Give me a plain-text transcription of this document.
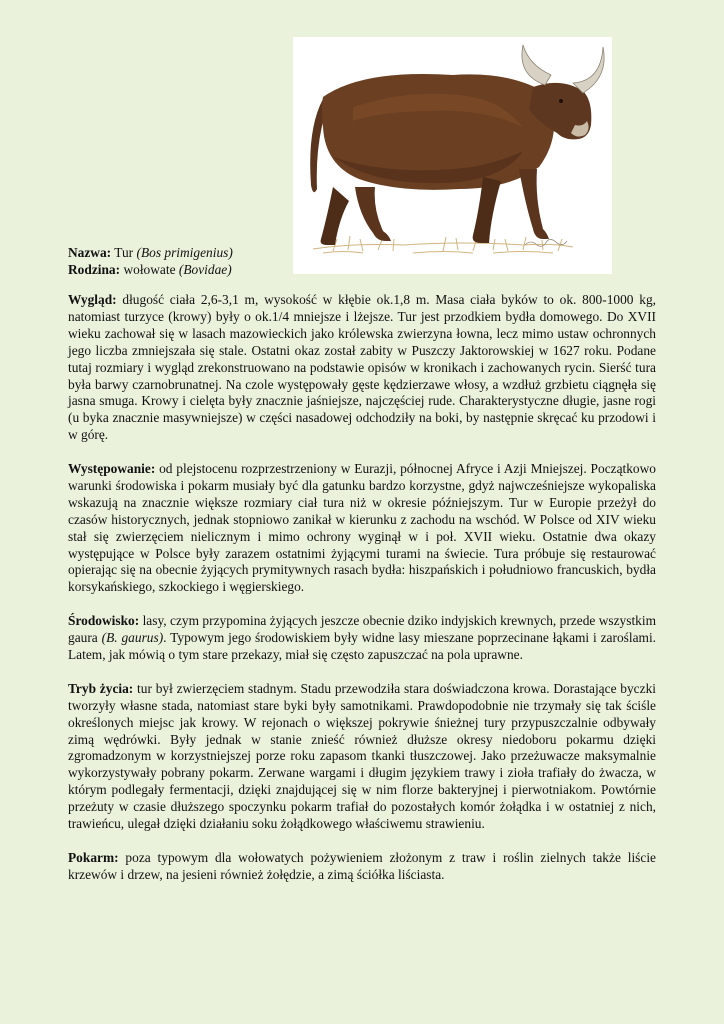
Nazwa: Tur (Bos primigenius)
Rodzina: wołowate (Bovidae)

Wygląd: długość ciała 2,6-3,1 m, wysokość w kłębie ok.1,8 m. Masa ciała byków to ok. 800-1000 kg, natomiast turzyce (krowy) były o ok.1/4 mniejsze i lżejsze. Tur jest przodkiem bydła domowego. Do XVII wieku zachował się w lasach mazowieckich jako królewska zwierzyna łowna, lecz mimo ustaw ochronnych jego liczba zmniejszała się stale. Ostatni okaz został zabity w Puszczy Jaktorowskiej w 1627 roku. Podane tutaj rozmiary i wygląd zrekonstruowano na podstawie opisów w kronikach i zachowanych rycin. Sierść tura była barwy czarnobrunatnej. Na czole występowały gęste kędzierzawe włosy, a wzdłuż grzbietu ciągnęła się jasna smuga. Krowy i cielęta były znacznie jaśniejsze, najczęściej rude. Charakterystyczne długie, jasne rogi (u byka znacznie masywniejsze) w części nasadowej odchodziły na boki, by następnie skręcać ku przodowi i w górę.

Występowanie: od plejstocenu rozprzestrzeniony w Eurazji, północnej Afryce i Azji Mniejszej. Początkowo warunki środowiska i pokarm musiały być dla gatunku bardzo korzystne, gdyż najwcześniejsze wykopaliska wskazują na znacznie większe rozmiary ciał tura niż w okresie późniejszym. Tur w Europie przeżył do czasów historycznych, jednak stopniowo zanikał w kierunku z zachodu na wschód. W Polsce od XIV wieku stał się zwierzęciem nielicznym i mimo ochrony wyginął w i poł. XVII wieku. Ostatnie dwa okazy występujące w Polsce były zarazem ostatnimi żyjącymi turami na świecie. Tura próbuje się restaurować opierając się na obecnie żyjących prymitywnych rasach bydła: hiszpańskich i południowo francuskich, bydła korsykańskiego, szkockiego i węgierskiego.

Środowisko: lasy, czym przypomina żyjących jeszcze obecnie dziko indyjskich krewnych, przede wszystkim gaura (B. gaurus). Typowym jego środowiskiem były widne lasy mieszane poprzecinane łąkami i zaroślami. Latem, jak mówią o tym stare przekazy, miał się często zapuszczać na pola uprawne.

Tryb życia: tur był zwierzęciem stadnym. Stadu przewodziła stara doświadczona krowa. Dorastające byczki tworzyły własne stada, natomiast stare byki były samotnikami. Prawdopodobnie nie trzymały się tak ściśle określonych miejsc jak krowy. W rejonach o większej pokrywie śnieżnej tury przypuszczalnie odbywały zimą wędrówki. Były jednak w stanie znieść również dłuższe okresy niedoboru pokarmu dzięki zgromadzonym w korzystniejszej porze roku zapasom tkanki tłuszczowej. Jako przeżuwacze maksymalnie wykorzystywały pobrany pokarm. Zerwane wargami i długim językiem trawy i zioła trafiały do żwacza, w którym podlegały fermentacji, dzięki znajdującej się w nim florze bakteryjnej i pierwotniakom. Powtórnie przeżuty w czasie dłuższego spoczynku pokarm trafiał do pozostałych komór żołądka i w ostatniej z nich, trawieńcu, ulegał dzięki działaniu soku żołądkowego właściwemu strawieniu.

Pokarm: poza typowym dla wołowatych pożywieniem złożonym z traw i roślin zielnych także liście krzewów i drzew, na jesieni również żołędzie, a zimą ściółka liściasta.
